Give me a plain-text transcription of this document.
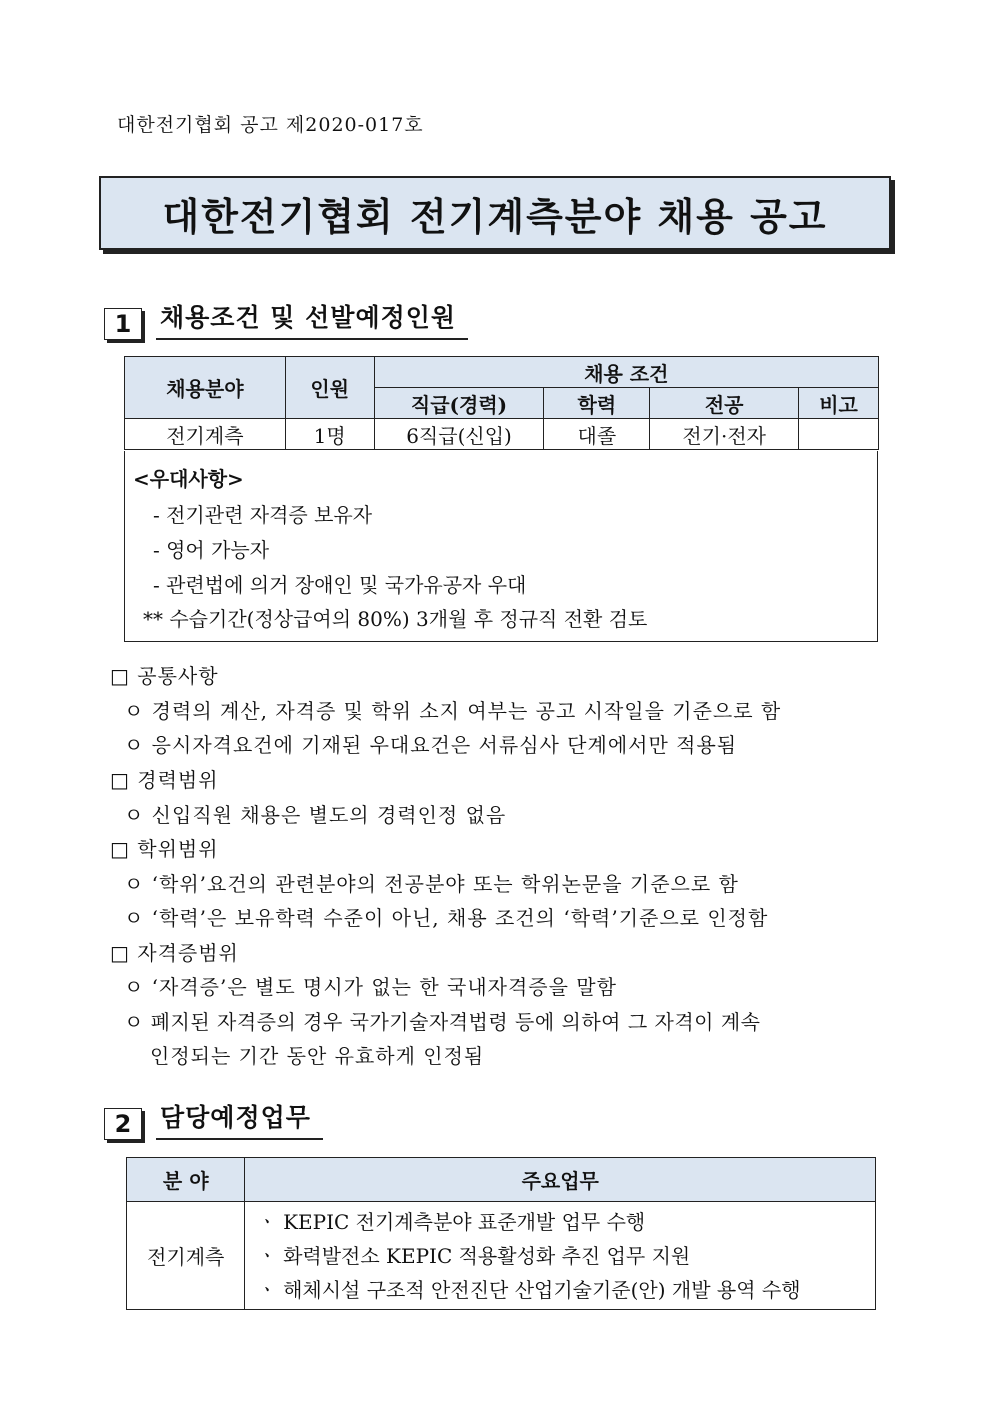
대한전기협회 공고 제2020-017호
대한전기협회 전기계측분야 채용 공고
1	채용조건 및 선발예정인원
채용분야	인원	채용 조건			
		직급(경력)	학력	전공	비고
전기계측	1명	6직급(신입)	대졸	전기·전자	
<우대사항>
- 전기관련 자격증 보유자
- 영어 가능자
- 관련법에 의거 장애인 및 국가유공자 우대
** 수습기간(정상급여의 80%) 3개월 후 정규직 전환 검토
□ 공통사항
ㅇ 경력의 계산, 자격증 및 학위 소지 여부는 공고 시작일을 기준으로 함
ㅇ 응시자격요건에 기재된 우대요건은 서류심사 단계에서만 적용됨
□ 경력범위
ㅇ 신입직원 채용은 별도의 경력인정 없음
□ 학위범위
ㅇ ‘학위’요건의 관련분야의 전공분야 또는 학위논문을 기준으로 함
ㅇ ‘학력’은 보유학력 수준이 아닌, 채용 조건의 ‘학력’기준으로 인정함
□ 자격증범위
ㅇ ‘자격증’은 별도 명시가 없는 한 국내자격증을 말함
ㅇ 폐지된 자격증의 경우 국가기술자격법령 등에 의하여 그 자격이 계속
인정되는 기간 동안 유효하게 인정됨
2	담당예정업무
분 야	주요업무
전기계측	ㆍ KEPIC 전기계측분야 표준개발 업무 수행
ㆍ 화력발전소 KEPIC 적용활성화 추진 업무 지원
ㆍ 해체시설 구조적 안전진단 산업기술기준(안) 개발 용역 수행
